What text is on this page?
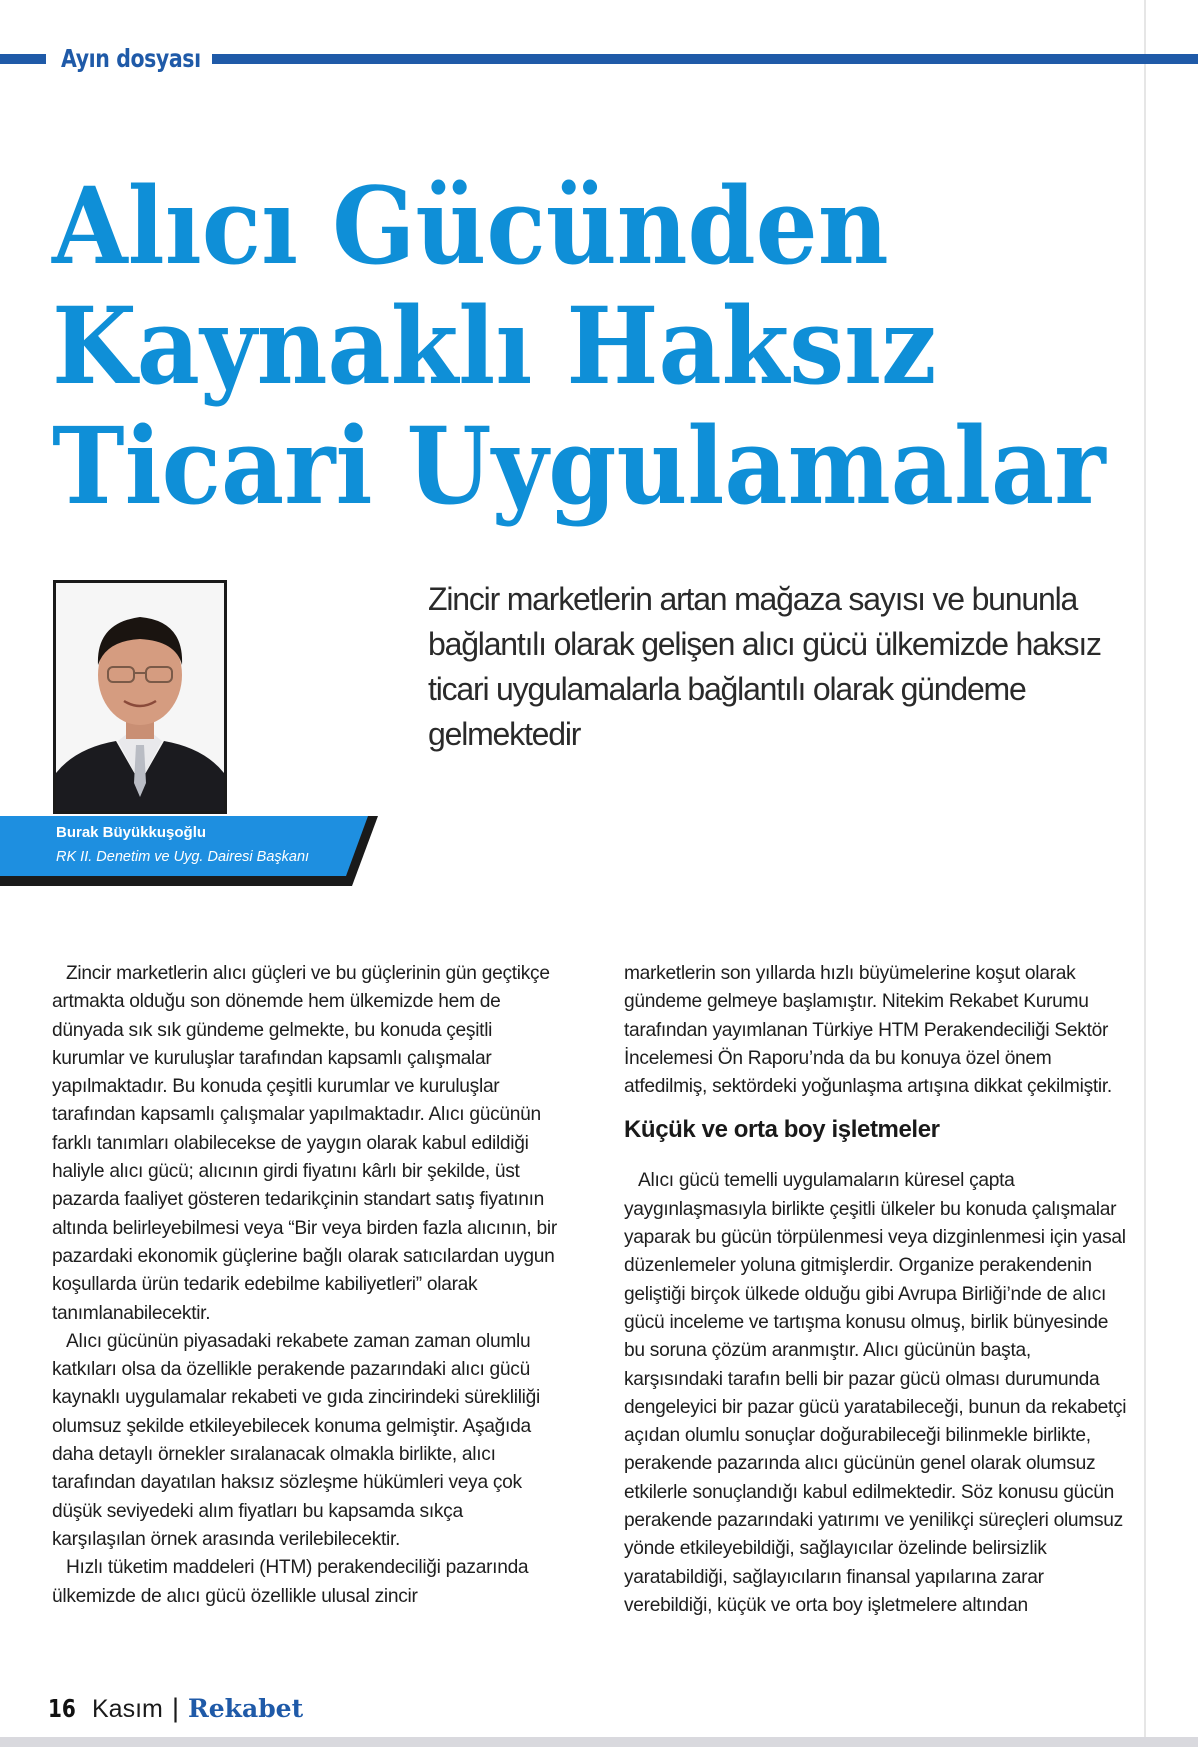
Ayın dosyası
Alıcı Gücünden
Kaynaklı Haksız
Ticari Uygulamalar
Burak Büyükkuşoğlu
RK II. Denetim ve Uyg. Dairesi Başkanı

Zincir marketlerin artan mağaza sayısı ve bununla bağlantılı olarak gelişen alıcı gücü ülkemizde haksız ticari uygulamalarla bağlantılı olarak gündeme gelmektedir

Zincir marketlerin alıcı güçleri ve bu güçlerinin gün geçtikçe artmakta olduğu son dönemde hem ülkemizde hem de dünyada sık sık gündeme gelmekte, bu konuda çeşitli kurumlar ve kuruluşlar tarafından kapsamlı çalışmalar yapılmaktadır. Bu konuda çeşitli kurumlar ve kuruluşlar tarafından kapsamlı çalışmalar yapılmaktadır. Alıcı gücünün farklı tanımları olabilecekse de yaygın olarak kabul edildiği haliyle alıcı gücü; alıcının girdi fiyatını kârlı bir şekilde, üst pazarda faaliyet gösteren tedarikçinin standart satış fiyatının altında belirleyebilmesi veya “Bir veya birden fazla alıcının, bir pazardaki ekonomik güçlerine bağlı olarak satıcılardan uygun koşullarda ürün tedarik edebilme kabiliyetleri” olarak tanımlanabilecektir.

Alıcı gücünün piyasadaki rekabete zaman zaman olumlu katkıları olsa da özellikle perakende pazarındaki alıcı gücü kaynaklı uygulamalar rekabeti ve gıda zincirindeki sürekliliği olumsuz şekilde etkileyebilecek konuma gelmiştir. Aşağıda daha detaylı örnekler sıralanacak olmakla birlikte, alıcı tarafından dayatılan haksız sözleşme hükümleri veya çok düşük seviyedeki alım fiyatları bu kapsamda sıkça karşılaşılan örnek arasında verilebilecektir.

Hızlı tüketim maddeleri (HTM) perakendeciliği pazarında ülkemizde de alıcı gücü özellikle ulusal zincir

marketlerin son yıllarda hızlı büyümelerine koşut olarak gündeme gelmeye başlamıştır. Nitekim Rekabet Kurumu tarafından yayımlanan Türkiye HTM Perakendeciliği Sektör İncelemesi Ön Raporu’nda da bu konuya özel önem atfedilmiş, sektördeki yoğunlaşma artışına dikkat çekilmiştir.

Küçük ve orta boy işletmeler

Alıcı gücü temelli uygulamaların küresel çapta yaygınlaşmasıyla birlikte çeşitli ülkeler bu konuda çalışmalar yaparak bu gücün törpülenmesi veya dizginlenmesi için yasal düzenlemeler yoluna gitmişlerdir. Organize perakendenin geliştiği birçok ülkede olduğu gibi Avrupa Birliği’nde de alıcı gücü inceleme ve tartışma konusu olmuş, birlik bünyesinde bu soruna çözüm aranmıştır. Alıcı gücünün başta, karşısındaki tarafın belli bir pazar gücü olması durumunda dengeleyici bir pazar gücü yaratabileceği, bunun da rekabetçi açıdan olumlu sonuçlar doğurabileceği bilinmekle birlikte, perakende pazarında alıcı gücünün genel olarak olumsuz etkilerle sonuçlandığı kabul edilmektedir. Söz konusu gücün perakende pazarındaki yatırımı ve yenilikçi süreçleri olumsuz yönde etkileyebildiği, sağlayıcılar özelinde belirsizlik yaratabildiği, sağlayıcıların finansal yapılarına zarar verebildiği, küçük ve orta boy işletmelere altından

16 Kasım | Rekabet
